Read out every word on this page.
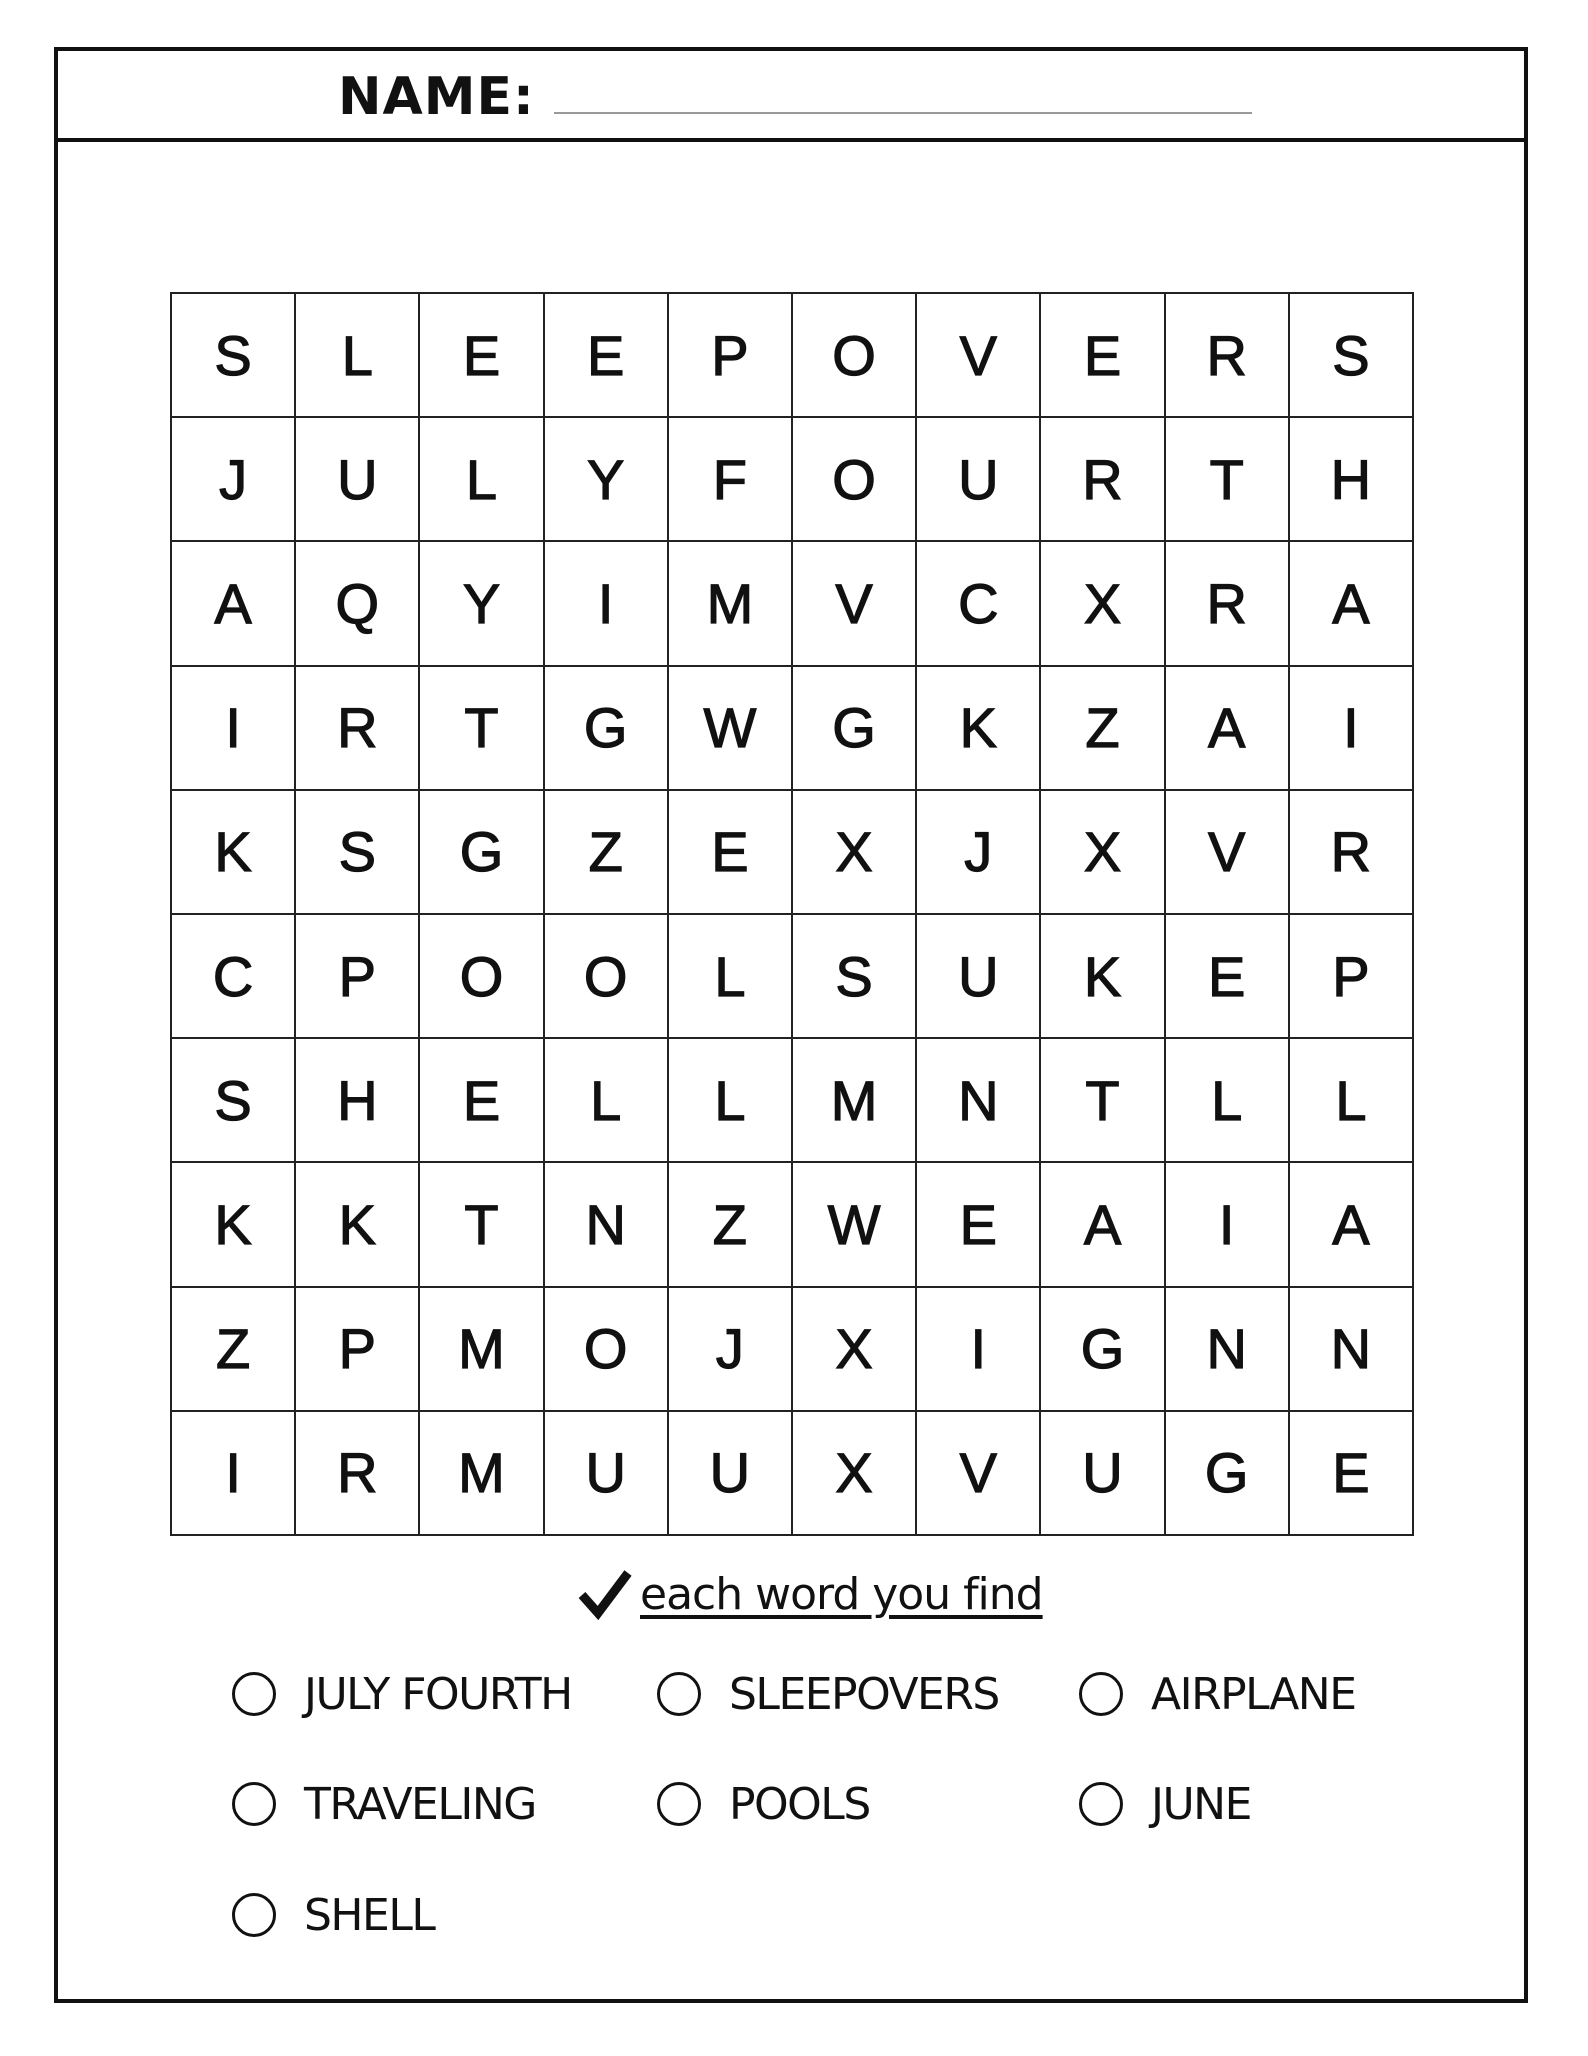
NAME:
S	L	E	E	P	O	V	E	R	S
J	U	L	Y	F	O	U	R	T	H
A	Q	Y	I	M	V	C	X	R	A
I	R	T	G	W	G	K	Z	A	I
K	S	G	Z	E	X	J	X	V	R
C	P	O	O	L	S	U	K	E	P
S	H	E	L	L	M	N	T	L	L
K	K	T	N	Z	W	E	A	I	A
Z	P	M	O	J	X	I	G	N	N
I	R	M	U	U	X	V	U	G	E
each word you find
JULY FOURTH	SLEEPOVERS	AIRPLANE
TRAVELING	POOLS	JUNE
SHELL
